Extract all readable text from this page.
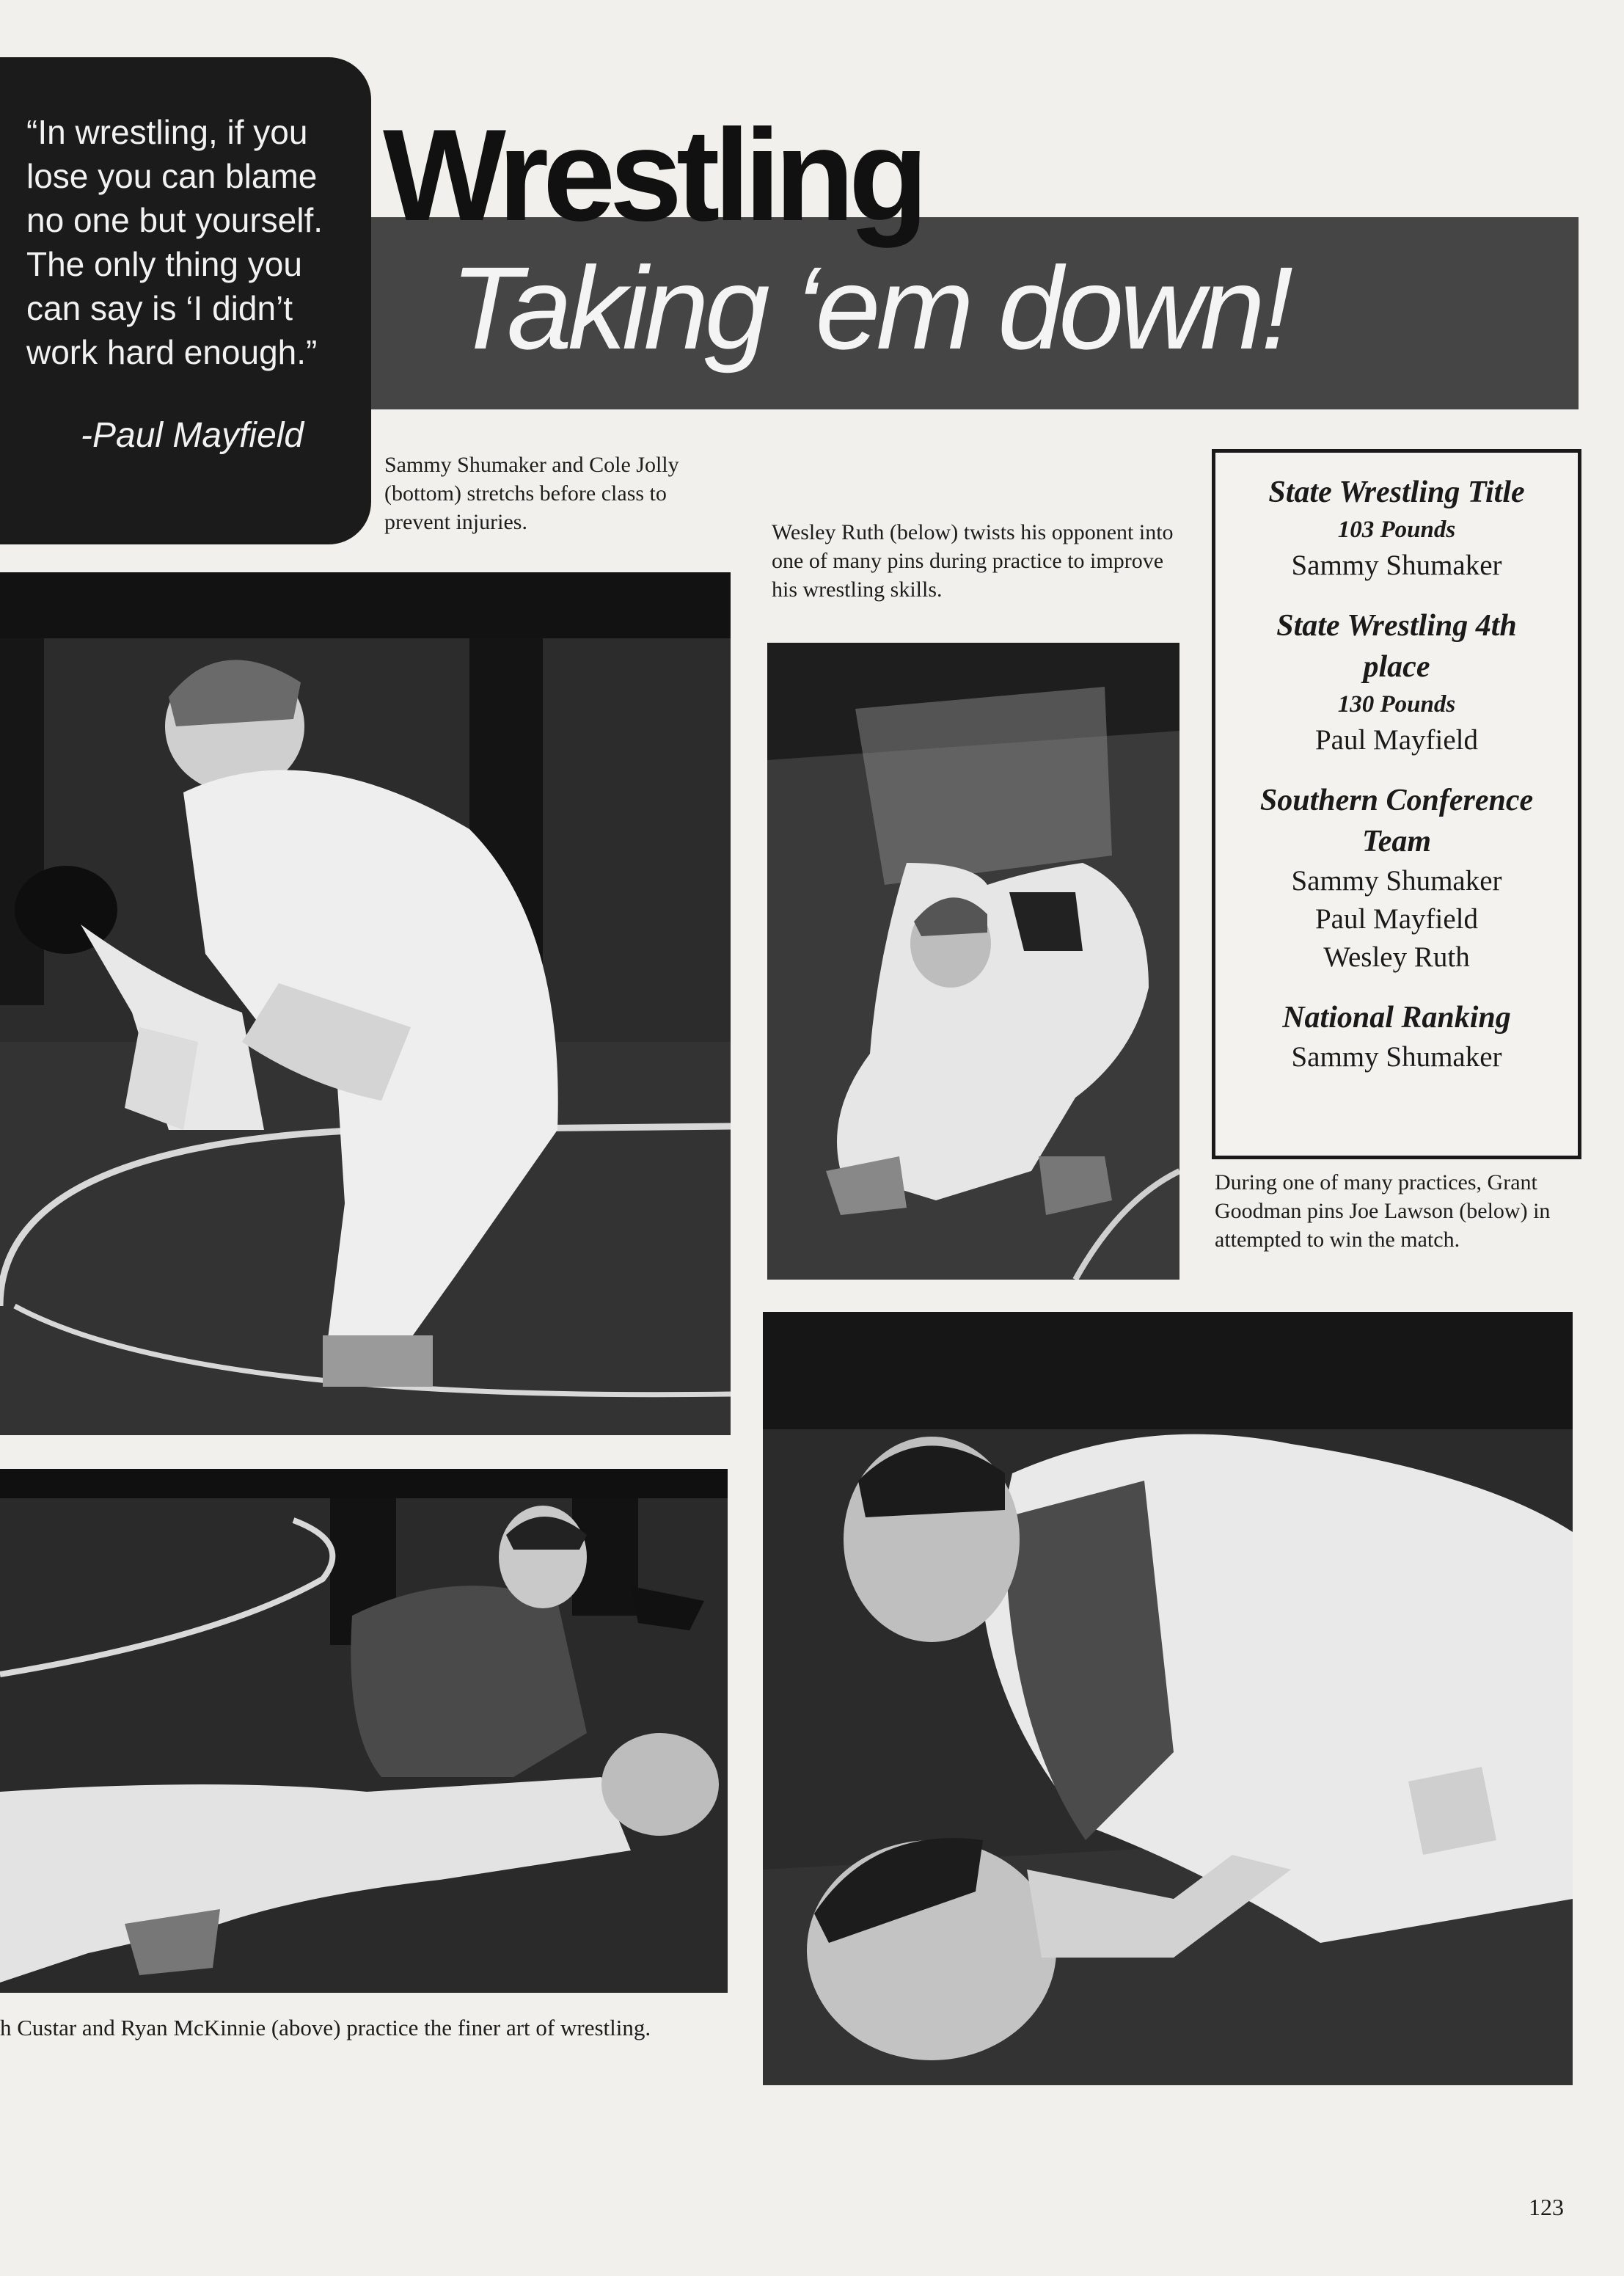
“In wrestling, if you lose you can blame no one but yourself. The only thing you can say is ‘I didn’t work hard enough.”
-Paul Mayfield
Wrestling
Taking ‘em down!
Sammy Shumaker and Cole Jolly (bottom) stretchs before class to prevent injuries.	Wesley Ruth (below) twists his opponent into one of many pins during practice to improve his wrestling skills.
During one of many practices, Grant Goodman pins Joe Lawson (below) in attempted to win the match.
h Custar and Ryan McKinnie (above) practice the finer art of wrestling.
State Wrestling Title
103 Pounds
Sammy Shumaker
State Wrestling 4th place
130 Pounds
Paul Mayfield
Southern Conference Team
Sammy Shumaker
Paul Mayfield
Wesley Ruth
National Ranking
Sammy Shumaker
123
